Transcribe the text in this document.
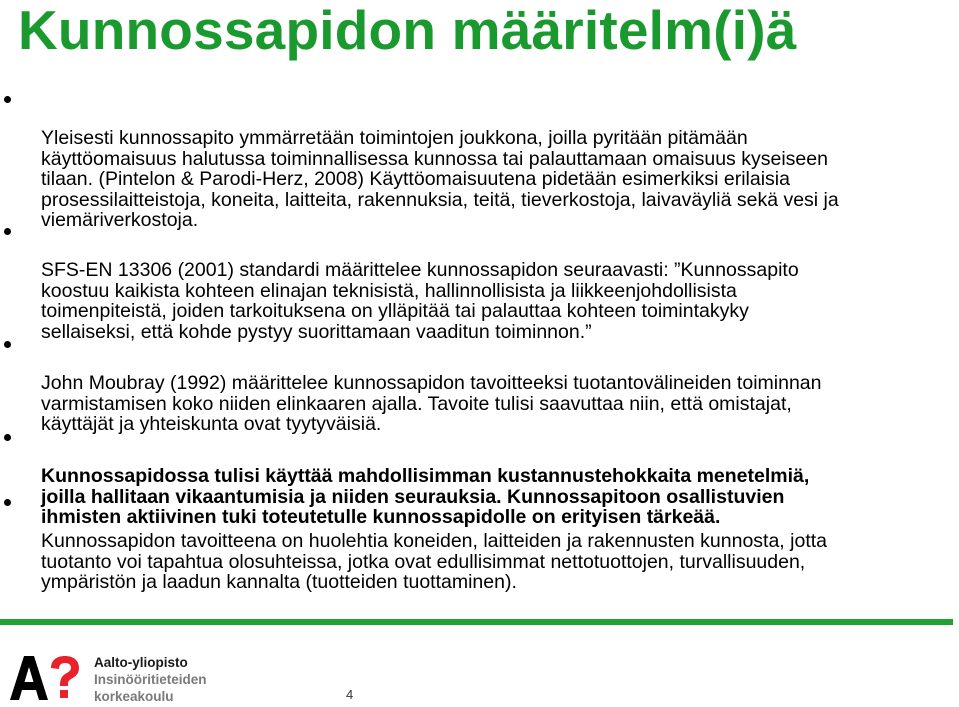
Kunnossapidon määritelm(i)ä

Yleisesti kunnossapito ymmärretään toimintojen joukkona, joilla pyritään pitämään
käyttöomaisuus halutussa toiminnallisessa kunnossa tai palauttamaan omaisuus kyseiseen
tilaan. (Pintelon & Parodi-Herz, 2008) Käyttöomaisuutena pidetään esimerkiksi erilaisia
prosessilaitteistoja, koneita, laitteita, rakennuksia, teitä, tieverkostoja, laivaväyliä sekä vesi ja
viemäriverkostoja.

SFS-EN 13306 (2001) standardi määrittelee kunnossapidon seuraavasti: ”Kunnossapito
koostuu kaikista kohteen elinajan teknisistä, hallinnollisista ja liikkeenjohdollisista
toimenpiteistä, joiden tarkoituksena on ylläpitää tai palauttaa kohteen toimintakyky
sellaiseksi, että kohde pystyy suorittamaan vaaditun toiminnon.”

John Moubray (1992) määrittelee kunnossapidon tavoitteeksi tuotantovälineiden toiminnan
varmistamisen koko niiden elinkaaren ajalla. Tavoite tulisi saavuttaa niin, että omistajat,
käyttäjät ja yhteiskunta ovat tyytyväisiä.

Kunnossapidossa tulisi käyttää mahdollisimman kustannustehokkaita menetelmiä,
joilla hallitaan vikaantumisia ja niiden seurauksia. Kunnossapitoon osallistuvien
ihmisten aktiivinen tuki toteutetulle kunnossapidolle on erityisen tärkeää.

Kunnossapidon tavoitteena on huolehtia koneiden, laitteiden ja rakennusten kunnosta, jotta
tuotanto voi tapahtua olosuhteissa, jotka ovat edullisimmat nettotuottojen, turvallisuuden,
ympäristön ja laadun kannalta (tuotteiden tuottaminen).

Aalto-yliopisto
Insinööritieteiden
korkeakoulu	4
